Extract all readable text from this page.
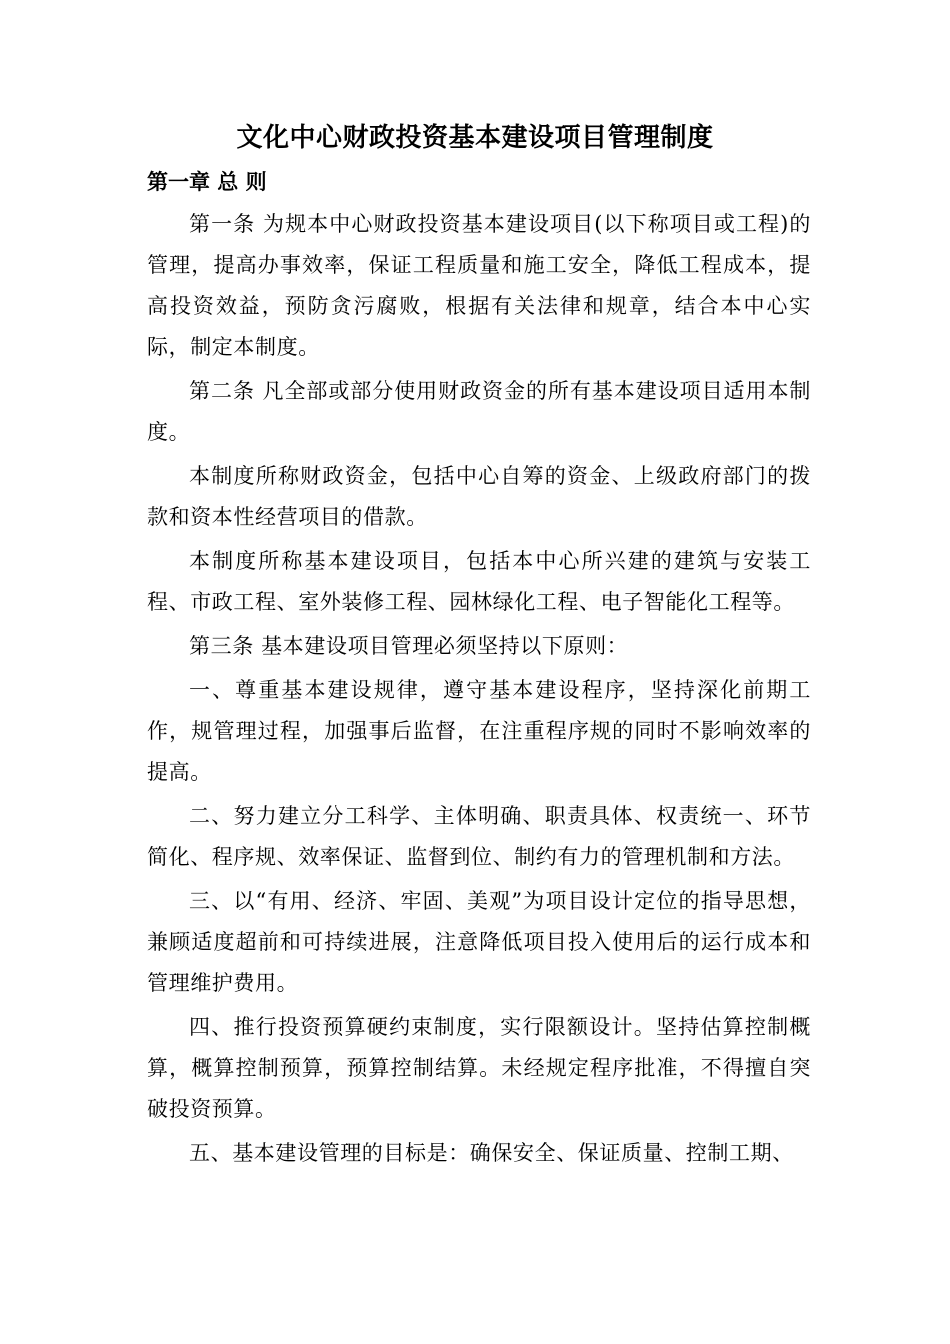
文化中心财政投资基本建设项目管理制度
第一章 总 则

第一条 为规本中心财政投资基本建设项目(以下称项目或工程)的管理，提高办事效率，保证工程质量和施工安全，降低工程成本，提高投资效益，预防贪污腐败，根据有关法律和规章，结合本中心实际，制定本制度。

第二条 凡全部或部分使用财政资金的所有基本建设项目适用本制度。

本制度所称财政资金，包括中心自筹的资金、上级政府部门的拨款和资本性经营项目的借款。

本制度所称基本建设项目，包括本中心所兴建的建筑与安装工程、市政工程、室外装修工程、园林绿化工程、电子智能化工程等。

第三条 基本建设项目管理必须坚持以下原则：

一、尊重基本建设规律，遵守基本建设程序，坚持深化前期工作，规管理过程，加强事后监督，在注重程序规的同时不影响效率的提高。

二、努力建立分工科学、主体明确、职责具体、权责统一、环节简化、程序规、效率保证、监督到位、制约有力的管理机制和方法。

三、以“有用、经济、牢固、美观”为项目设计定位的指导思想，兼顾适度超前和可持续进展，注意降低项目投入使用后的运行成本和管理维护费用。

四、推行投资预算硬约束制度，实行限额设计。坚持估算控制概算，概算控制预算，预算控制结算。未经规定程序批准，不得擅自突破投资预算。

五、基本建设管理的目标是：确保安全、保证质量、控制工期、
